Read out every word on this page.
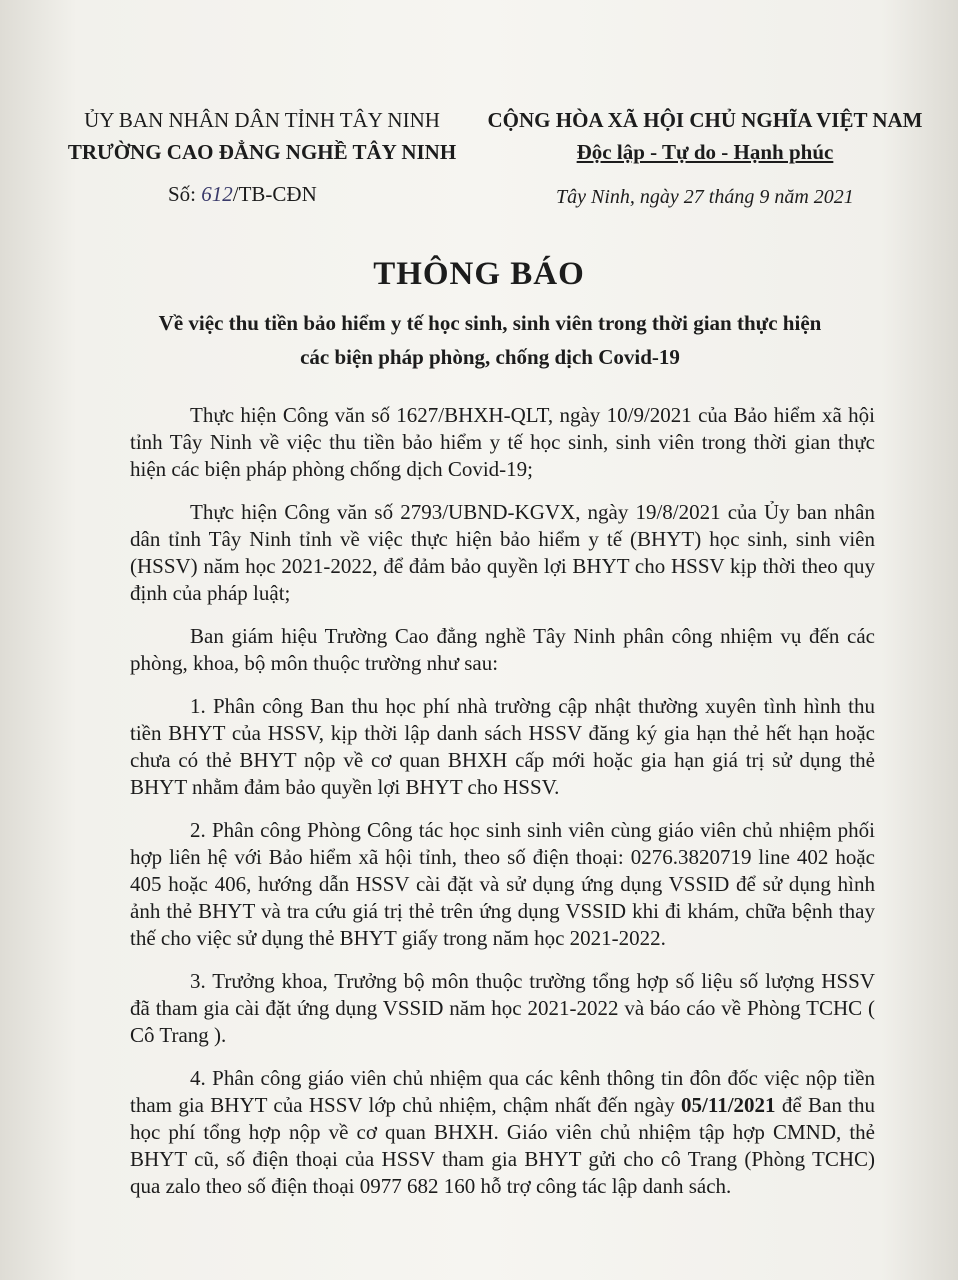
ỦY BAN NHÂN DÂN TỈNH TÂY NINH

TRƯỜNG CAO ĐẲNG NGHỀ TÂY NINH

CỘNG HÒA XÃ HỘI CHỦ NGHĨA VIỆT NAM

Độc lập - Tự do - Hạnh phúc

Số: 612/TB-CĐN	Tây Ninh, ngày 27 tháng 9 năm 2021
THÔNG BÁO
Về việc thu tiền bảo hiểm y tế học sinh, sinh viên trong thời gian thực hiện
các biện pháp phòng, chống dịch Covid-19

Thực hiện Công văn số 1627/BHXH-QLT, ngày 10/9/2021 của Bảo hiểm xã hội tỉnh Tây Ninh về việc thu tiền bảo hiểm y tế học sinh, sinh viên trong thời gian thực hiện các biện pháp phòng chống dịch Covid-19;

Thực hiện Công văn số 2793/UBND-KGVX, ngày 19/8/2021 của Ủy ban nhân dân tỉnh Tây Ninh tỉnh về việc thực hiện bảo hiểm y tế (BHYT) học sinh, sinh viên (HSSV) năm học 2021-2022, để đảm bảo quyền lợi BHYT cho HSSV kịp thời theo quy định của pháp luật;

Ban giám hiệu Trường Cao đẳng nghề Tây Ninh phân công nhiệm vụ đến các phòng, khoa, bộ môn thuộc trường như sau:

1. Phân công Ban thu học phí nhà trường cập nhật thường xuyên tình hình thu tiền BHYT của HSSV, kịp thời lập danh sách HSSV đăng ký gia hạn thẻ hết hạn hoặc chưa có thẻ BHYT nộp về cơ quan BHXH cấp mới hoặc gia hạn giá trị sử dụng thẻ BHYT nhằm đảm bảo quyền lợi BHYT cho HSSV.

2. Phân công Phòng Công tác học sinh sinh viên cùng giáo viên chủ nhiệm phối hợp liên hệ với Bảo hiểm xã hội tỉnh, theo số điện thoại: 0276.3820719 line 402 hoặc 405 hoặc 406, hướng dẫn HSSV cài đặt và sử dụng ứng dụng VSSID để sử dụng hình ảnh thẻ BHYT và tra cứu giá trị thẻ trên ứng dụng VSSID khi đi khám, chữa bệnh thay thế cho việc sử dụng thẻ BHYT giấy trong năm học 2021-2022.

3. Trưởng khoa, Trưởng bộ môn thuộc trường tổng hợp số liệu số lượng HSSV đã tham gia cài đặt ứng dụng VSSID năm học 2021-2022 và báo cáo về Phòng TCHC ( Cô Trang ).

4. Phân công giáo viên chủ nhiệm qua các kênh thông tin đôn đốc việc nộp tiền tham gia BHYT của HSSV lớp chủ nhiệm, chậm nhất đến ngày 05/11/2021 để Ban thu học phí tổng hợp nộp về cơ quan BHXH. Giáo viên chủ nhiệm tập hợp CMND, thẻ BHYT cũ, số điện thoại của HSSV tham gia BHYT gửi cho cô Trang (Phòng TCHC) qua zalo theo số điện thoại 0977 682 160 hỗ trợ công tác lập danh sách.
